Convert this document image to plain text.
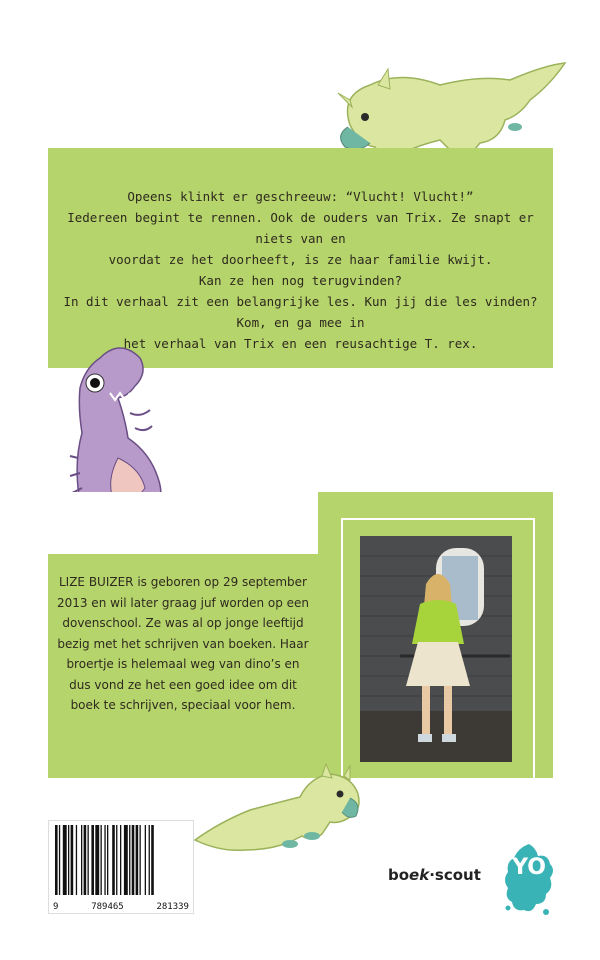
Opeens klinkt er geschreeuw: “Vlucht! Vlucht!”

Iedereen begint te rennen. Ook de ouders van Trix. Ze snapt er niets van en

voordat ze het doorheeft, is ze haar familie kwijt.

Kan ze hen nog terugvinden?

In dit verhaal zit een belangrijke les. Kun jij die les vinden? Kom, en ga mee in

het verhaal van Trix en een reusachtige T. rex.

LIZE BUIZER is geboren op 29 september

2013 en wil later graag juf worden op een

dovenschool. Ze was al op jonge leeftijd

bezig met het schrijven van boeken. Haar

broertje is helemaal weg van dino’s en

dus vond ze het een goed idee om dit

boek te schrijven, speciaal voor hem.

9	789465	281339
boek·scout YO
